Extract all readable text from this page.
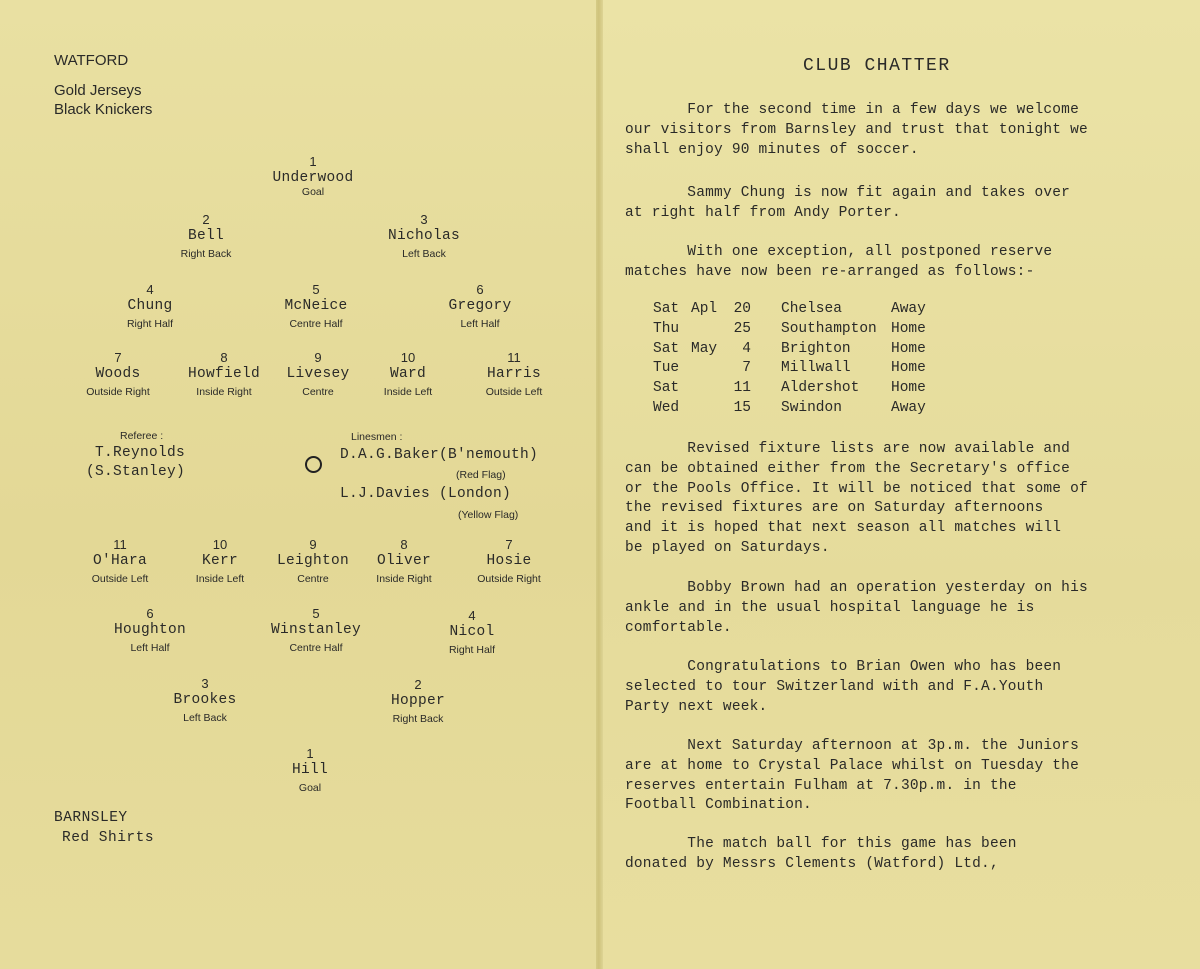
WATFORD
Gold Jerseys
Black Knickers
1
Underwood
Goal
2
Bell
Right Back
3
Nicholas
Left Back
4
Chung
Right Half
5
McNeice
Centre Half
6
Gregory
Left Half
7
Woods
Outside Right
8
Howfield
Inside Right
9
Livesey
Centre
10
Ward
Inside Left
11
Harris
Outside Left
Referee :
T.Reynolds
(S.Stanley)
Linesmen :
D.A.G.Baker(B'nemouth)
(Red Flag)
L.J.Davies (London)
(Yellow Flag)
11
O'Hara
Outside Left
10
Kerr
Inside Left
9
Leighton
Centre
8
Oliver
Inside Right
7
Hosie
Outside Right
6
Houghton
Left Half
5
Winstanley
Centre Half
4
Nicol
Right Half
3
Brookes
Left Back
2
Hopper
Right Back
1
Hill
Goal
BARNSLEY
Red Shirts
CLUB CHATTER
For the second time in a few days we welcome
our visitors from Barnsley and trust that tonight we
shall enjoy 90 minutes of soccer.
Sammy Chung is now fit again and takes over
at right half from Andy Porter.
With one exception, all postponed reserve
matches have now been re-arranged as follows:-
Sat Apl 20 Chelsea	Away
Thu	25 Southampton Home
Sat May	4 Brighton	Home
Tue	7 Millwall	Home
Sat	11 Aldershot Home
Wed	15 Swindon	Away
Revised fixture lists are now available and
can be obtained either from the Secretary's office
or the Pools Office. It will be noticed that some of
the revised fixtures are on Saturday afternoons
and it is hoped that next season all matches will
be played on Saturdays.
Bobby Brown had an operation yesterday on his
ankle and in the usual hospital language he is
comfortable.
Congratulations to Brian Owen who has been
selected to tour Switzerland with and F.A.Youth
Party next week.
Next Saturday afternoon at 3p.m. the Juniors
are at home to Crystal Palace whilst on Tuesday the
reserves entertain Fulham at 7.30p.m. in the
Football Combination.
The match ball for this game has been
donated by Messrs Clements (Watford) Ltd.,
